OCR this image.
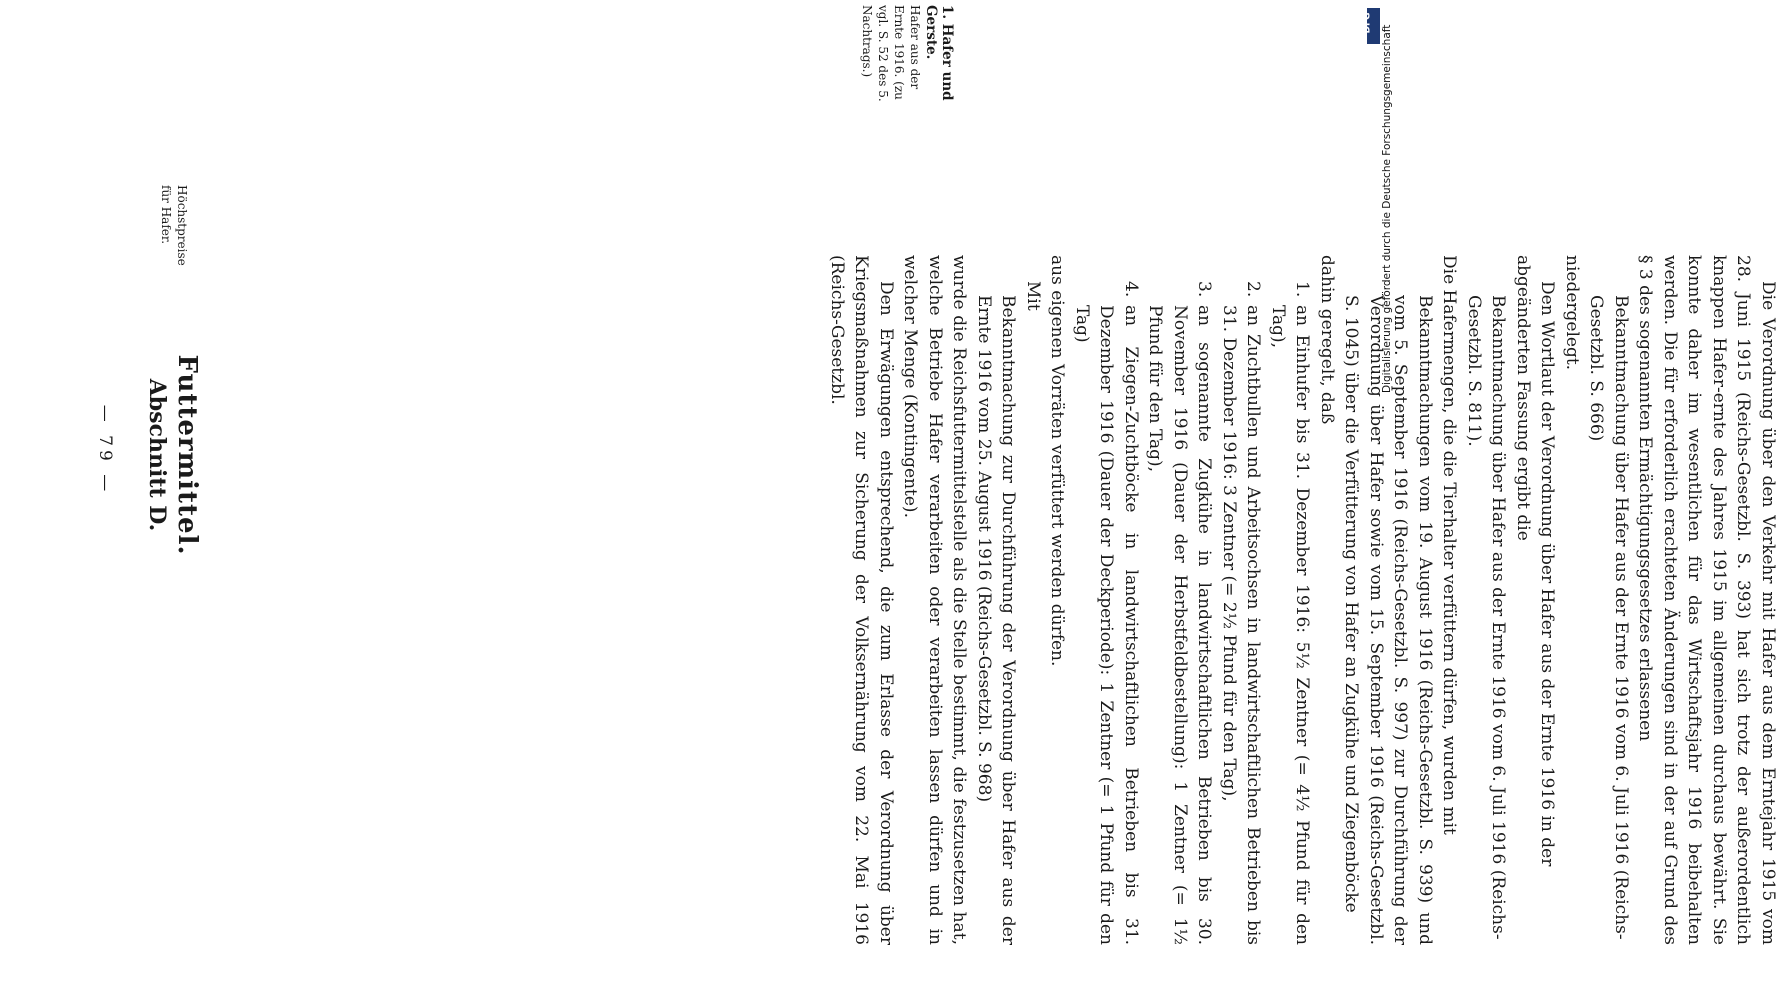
— 79 — Abschnitt D. Futtermittel.
1. Hafer und Gerste.
Hafer aus der Ernte 1916. (zu vgl. S. 52 des 5. Nachtrags.)
Höchstpreise für Hafer.	Digitalisierung gefördert durch die Deutsche Forschungsgemeinschaft
DFG

Die Verordnung über den Verkehr mit Hafer aus dem Erntejahr 1915 vom 28. Juni 1915 (Reichs-Gesetzbl. S. 393) hat sich trotz der außerordentlich knappen Hafer-ernte des Jahres 1915 im allgemeinen durchaus bewährt. Sie konnte daher im wesentlichen für das Wirtschaftsjahr 1916 beibehalten werden. Die für erforderlich erachteten Änderungen sind in der auf Grund des § 3 des sogenannten Ermächtigungsgesetzes erlassenen

Bekanntmachung über Hafer aus der Ernte 1916 vom 6. Juli 1916 (Reichs-Gesetzbl. S. 666)

niedergelegt.

Den Wortlaut der Verordnung über Hafer aus der Ernte 1916 in der abgeänderten Fassung ergibt die

Bekanntmachung über Hafer aus der Ernte 1916 vom 6. Juli 1916 (Reichs-Gesetzbl. S. 811).

Die Hafermengen, die die Tierhalter verfüttern dürfen, wurden mit

Bekanntmachungen vom 19. August 1916 (Reichs-Gesetzbl. S. 939) und vom 5. September 1916 (Reichs-Gesetzbl. S. 997) zur Durchführung der Verordnung über Hafer sowie vom 15. September 1916 (Reichs-Gesetzbl. S. 1045) über die Verfütterung von Hafer an Zugkühe und Ziegenböcke

dahin geregelt, daß

1.
an Einhufer bis 31. Dezember 1916: 5½ Zentner (= 4½ Pfund für den Tag),
2.
an Zuchtbullen und Arbeitsochsen in landwirtschaftlichen Betrieben bis 31. Dezember 1916: 3 Zentner (= 2½ Pfund für den Tag),
3.
an sogenannte Zugkühe in landwirtschaftlichen Betrieben bis 30. November 1916 (Dauer der Herbstfeldbestellung): 1 Zentner (= 1½ Pfund für den Tag),
4.
an Ziegen-Zuchtböcke in landwirtschaftlichen Betrieben bis 31. Dezember 1916 (Dauer der Deckperiode): 1 Zentner (= 1 Pfund für den Tag)

aus eigenen Vorräten verfüttert werden dürfen.

Mit

Bekanntmachung zur Durchführung der Verordnung über Hafer aus der Ernte 1916 vom 25. August 1916 (Reichs-Gesetzbl. S. 968)

wurde die Reichsfuttermittelstelle als die Stelle bestimmt, die festzusetzen hat, welche Betriebe Hafer verarbeiten oder verarbeiten lassen dürfen und in welcher Menge (Kontingente).

Den Erwägungen entsprechend, die zum Erlasse der Verordnung über Kriegsmaßnahmen zur Sicherung der Volksernährung vom 22. Mai 1916 (Reichs-Gesetzbl.
